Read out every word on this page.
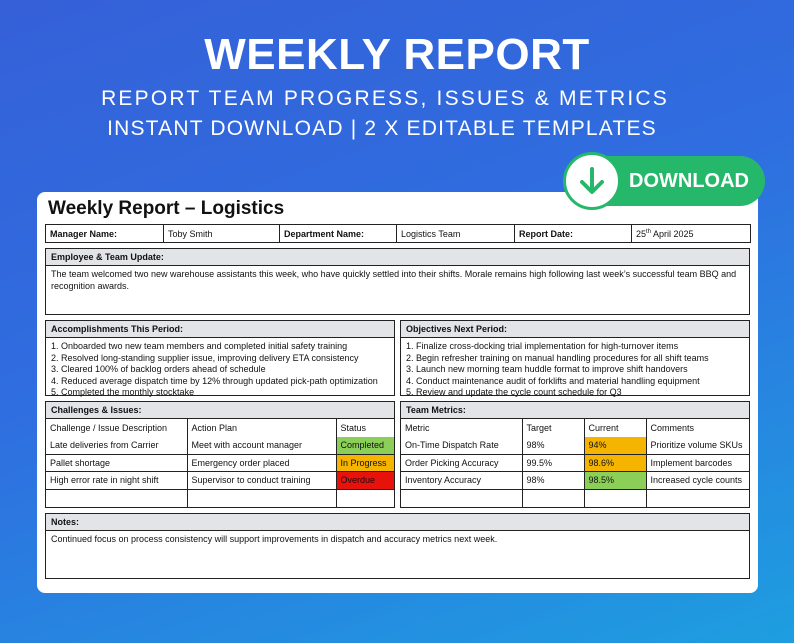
WEEKLY REPORT
REPORT TEAM PROGRESS, ISSUES & METRICS
INSTANT DOWNLOAD | 2 X EDITABLE TEMPLATES
Weekly Report – Logistics
Manager Name:	Toby Smith	Department Name:	Logistics Team	Report Date:	25th April 2025
Employee & Team Update:
The team welcomed two new warehouse assistants this week, who have quickly settled into their shifts. Morale remains high following last week’s successful team BBQ and recognition awards.
Accomplishments This Period:
1. Onboarded two new team members and completed initial safety training
2. Resolved long-standing supplier issue, improving delivery ETA consistency
3. Cleared 100% of backlog orders ahead of schedule
4. Reduced average dispatch time by 12% through updated pick-path optimization
5. Completed the monthly stocktake
Objectives Next Period:
1. Finalize cross-docking trial implementation for high-turnover items
2. Begin refresher training on manual handling procedures for all shift teams
3. Launch new morning team huddle format to improve shift handovers
4. Conduct maintenance audit of forklifts and material handling equipment
5. Review and update the cycle count schedule for Q3
Challenges & Issues:
Challenge / Issue Description	Action Plan	Status
Late deliveries from Carrier	Meet with account manager	Completed
Pallet shortage	Emergency order placed	In Progress
High error rate in night shift	Supervisor to conduct training	Overdue

Team Metrics:
Metric	Target	Current	Comments
On-Time Dispatch Rate	98%	94%	Prioritize volume SKUs
Order Picking Accuracy	99.5%	98.6%	Implement barcodes
Inventory Accuracy	98%	98.5%	Increased cycle counts

Notes:
Continued focus on process consistency will support improvements in dispatch and accuracy metrics next week.
DOWNLOAD
